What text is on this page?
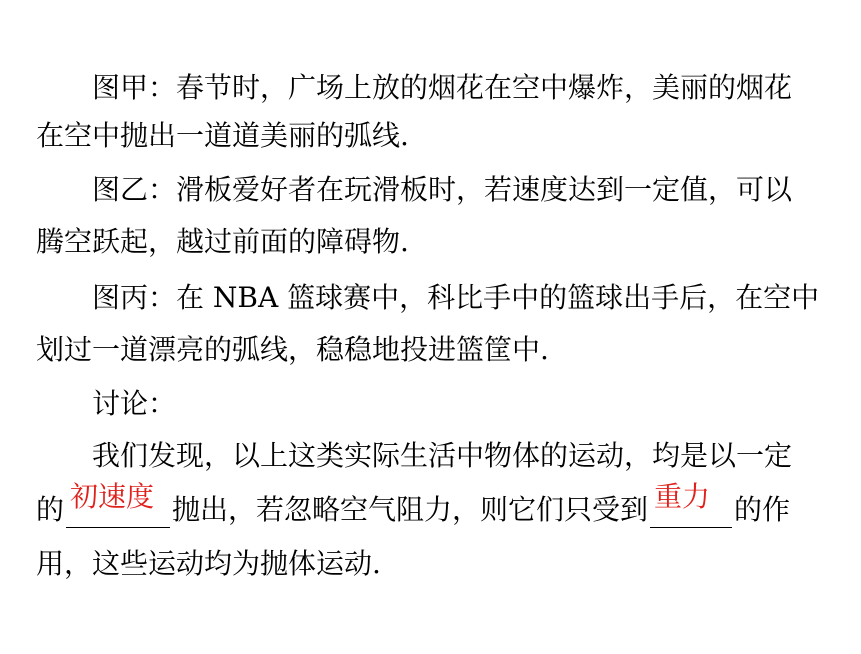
图甲：春节时，广场上放的烟花在空中爆炸，美丽的烟花
在空中抛出一道道美丽的弧线.
图乙：滑板爱好者在玩滑板时，若速度达到一定值，可以
腾空跃起，越过前面的障碍物.
图丙：在 NBA 篮球赛中，科比手中的篮球出手后，在空中
划过一道漂亮的弧线，稳稳地投进篮筐中.
讨论：
我们发现，以上这类实际生活中物体的运动，均是以一定
的 初速度 抛出，若忽略空气阻力，则它们只受到 重力 的作
用，这些运动均为抛体运动.
